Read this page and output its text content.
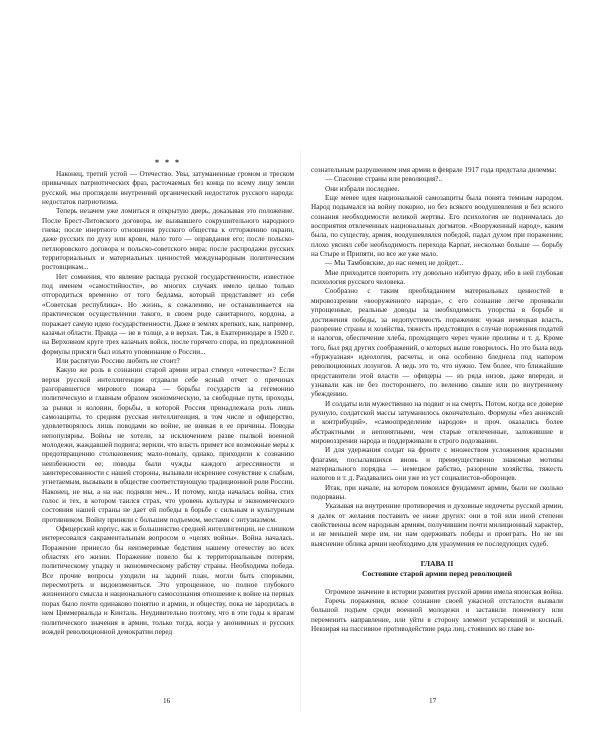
* * *

Наконец, третий устой — Отечество. Увы, затуманенные громом и треском привычных патриотических фраз, расточаемых без конца по всему лицу земли русской, мы проглядели внутренний органический недостаток русского народа: недостаток патриотизма.

Теперь незачем уже ломиться в открытую дверь, доказывая это положение. После Брест-Литовского договора, не вызвавшего сокрушительного народного гнева; после инертного отношения русского общества к отторжению окраин, даже русских по духу или крови, мало того — оправдания его; после польско-петлюровского договора и польско-советского мира; после распродажи русских территориальных и материальных ценностей международным политическим ростовщикам...

Нет сомнения, что явление распада русской государственности, известное под именем «самостийности», во многих случаях имело целью только отгородиться временно от того бедлама, который представляет из себя «Советская республика». Но жизнь, к сожалению, не останавливается на практическом осуществлении такого, в своем роде санитарного, кордона, а поражает самую идею государственности. Даже в землях крепких, как, например, казачьи области. Правда — не в толще, а в верхах. Так, в Екатеринодаре в 1920 г. на Верховном круге трех казачьих войск, после горячего спора, из предложенной формулы присяги был изъято упоминание о России...

Или распятую Россию любить не стоит?

Какую же роль в сознании старой армии играл стимул «отечества»? Если верхи русской интеллигенции отдавали себе ясный отчет о причинах разгоравшегося мирового пожара — борьбы государств за гегемонию политическую и главным образом экономическую, за свободные пути, проходы, за рынки и колонии, борьбы, в которой Россия принадлежала роль лишь самозащиты, то средняя русская интеллигенция, в том числе и офицерство, удовлетворялось лишь поводами ко войне, не вникая в ее причины. Поводы непопулярны. Войны не хотели, за исключением разве пылкой военной молодежи, жаждавшей подвига; верили, что власть примет все возможные меры к предотвращению столкновения; мало-помалу, однако, приходили к сознанию неизбежности ее; поводы были чужды каждого агрессивности и заинтересованности с нашей стороны, вызывали искреннее сочувствие к слабым, угнетаемым, вызывали в обществе соответствующую традиционной роли России. Наконец, не мы, а на нас подняли меч... И потому, когда началась война, стих голос и тех, в котором таился страх, что уровень культуры и экономического состояния нашей страны не дает ей победы в борьбе с сильным и культурным противником. Войну приняли с большим подъемом, местами с энтузиазмом.

Офицерский корпус, как и большинство средней интеллигенции, не слишком интересовался сакраментальным вопросом о «целях войны». Война началась. Поражение принесло бы неизмеримые бедствия нашему отечеству во всех областях его жизни. Поражение повело бы к территориальным потерям, политическому упадку и экономическому рабству страны. Необходима победа. Все прочие вопросы уходили на задний план, могли быть спорными, пересмотреть и видоизмениться. Это упрощенное, но полное глубокого жизненного смысла и национального самосознания отношение к войне на первых порах было почти одинаково понятно и армии, и обществу, пока не зародилась в нем Циммервальда и Кинталь. Неудивительно поэтому, что в эти годы к врагам политического значения в армии, только тогда, когда у анонимных и русских вождей революционной демократии перед

сознательным разрушением имя армии в феврале 1917 года предстала дилемма:

— Спасение страны или революция?..

Они избрали последнее.

Еще менее идея национальной самозащиты была понята темным народом. Народ подымался на войну покорно, но без всякого воодушевления и без ясного сознания необходимости великой жертвы. Его психология не поднималась до восприятия отвлеченных национальных догматов. «Вооруженный народ», каким была, по существу, армия, воодушевлялся победой, падал духом при поражении; плохо уяснял себе необходимость перехода Карпат, несколько больше — борьбу на Стыре и Припяти, но все же уже мало.

— Мы Тамбовские, до нас немец не дойдет...

Мне приходится повторить эту довольно избитую фразу, ибо в ней глубокая психология русского человека.

Сообразно с таким преобладанием материальных ценностей в мировоззрении «вооруженного народа», с его сознание легче проникали упрощенные, реальные доводы за необходимость упорства в борьбе и достижения победы, за недопустимость поражения: чужая немецкая власть, разорение страны и хозяйства, тяжесть предстоящих в случае поражения податей и налогов, обеспечение хлеба, проходящего через чужие проливы и т. д. Кроме того, был ряд других соображений, о которых выше говорилось. Но это была ведь «буржуазная» идеология, расчеты, и она особенно бледнела под напором революционных лозунгов. А ведь это то, что нужно. Тем более, что ближайшие представители этой власти — офицеры — из ряда низов, даже впереди, и узнавали как не без постороннего, по велению свыше или по внутреннему убеждению.

И солдаты или мужественно на подвиг и на смерть. Потом, когда все доверие рухнуло, солдатской массы затуманилось окончательно. Формулы «без аннексий и контрибуций», «самоопределение народов» и проч. оказались более абстрактными и непонятными, чем старые отвлеченные, заложившие в мировоззрении народа и поддерживали в строго подозвании.

И для удержания солдат на фронте с множеством усложнения красными флагами, посылавшихся вновь и преимущественно знакомые мотивы материального порядка — немецкое рабство, разорение хозяйства, тяжесть налогов и т. д. Раздавались они уже из уст социалистов-оборонцев.

Итак, при начале, на котором покоился фундамент армии, были не сколько подорваны.

Указывая на внутренние противоречия и духовные недочеты русской армии, я далек от желания поставить ее ниже других: они в той или иной степени свойственны всем народным армиям, получившим почти милиционный характер, и не меньшей мере им, ни нам одерживать победы и проиграть. Но не ни выяснение облика армии необходимо для уразумения ее последующих судеб.

ГЛАВА II
Состояние старой армии перед революцией

Огромное значение в истории развития русской армии имела японская война.

Горечь поражения, ясное сознание своей ужасной отсталости вызвали большой подъем среди военной молодежи и заставили понемногу или переменить направление, или уйти в сторону элемент устаревший и косный. Невзирая на пассивное противодействие ряда лиц, стоявших во главе во-

16	17
